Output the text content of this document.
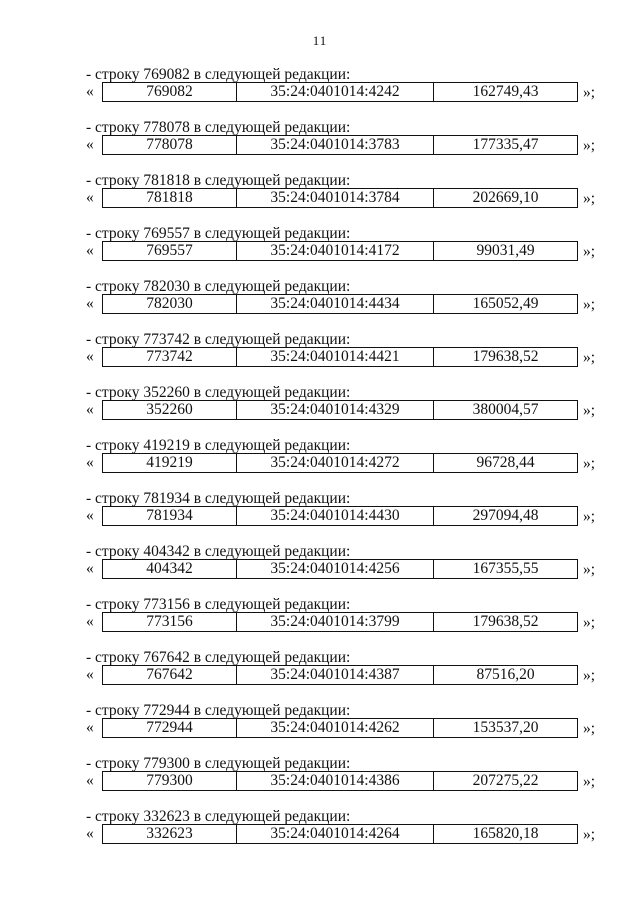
11
- строку 769082 в следующей редакции:
«	769082	35:24:0401014:4242	162749,43	»;
- строку 778078 в следующей редакции:
«	778078	35:24:0401014:3783	177335,47	»;
- строку 781818 в следующей редакции:
«	781818	35:24:0401014:3784	202669,10	»;
- строку 769557 в следующей редакции:
«	769557	35:24:0401014:4172	99031,49	»;
- строку 782030 в следующей редакции:
«	782030	35:24:0401014:4434	165052,49	»;
- строку 773742 в следующей редакции:
«	773742	35:24:0401014:4421	179638,52	»;
- строку 352260 в следующей редакции:
«	352260	35:24:0401014:4329	380004,57	»;
- строку 419219 в следующей редакции:
«	419219	35:24:0401014:4272	96728,44	»;
- строку 781934 в следующей редакции:
«	781934	35:24:0401014:4430	297094,48	»;
- строку 404342 в следующей редакции:
«	404342	35:24:0401014:4256	167355,55	»;
- строку 773156 в следующей редакции:
«	773156	35:24:0401014:3799	179638,52	»;
- строку 767642 в следующей редакции:
«	767642	35:24:0401014:4387	87516,20	»;
- строку 772944 в следующей редакции:
«	772944	35:24:0401014:4262	153537,20	»;
- строку 779300 в следующей редакции:
«	779300	35:24:0401014:4386	207275,22	»;
- строку 332623 в следующей редакции:
«	332623	35:24:0401014:4264	165820,18	»;
